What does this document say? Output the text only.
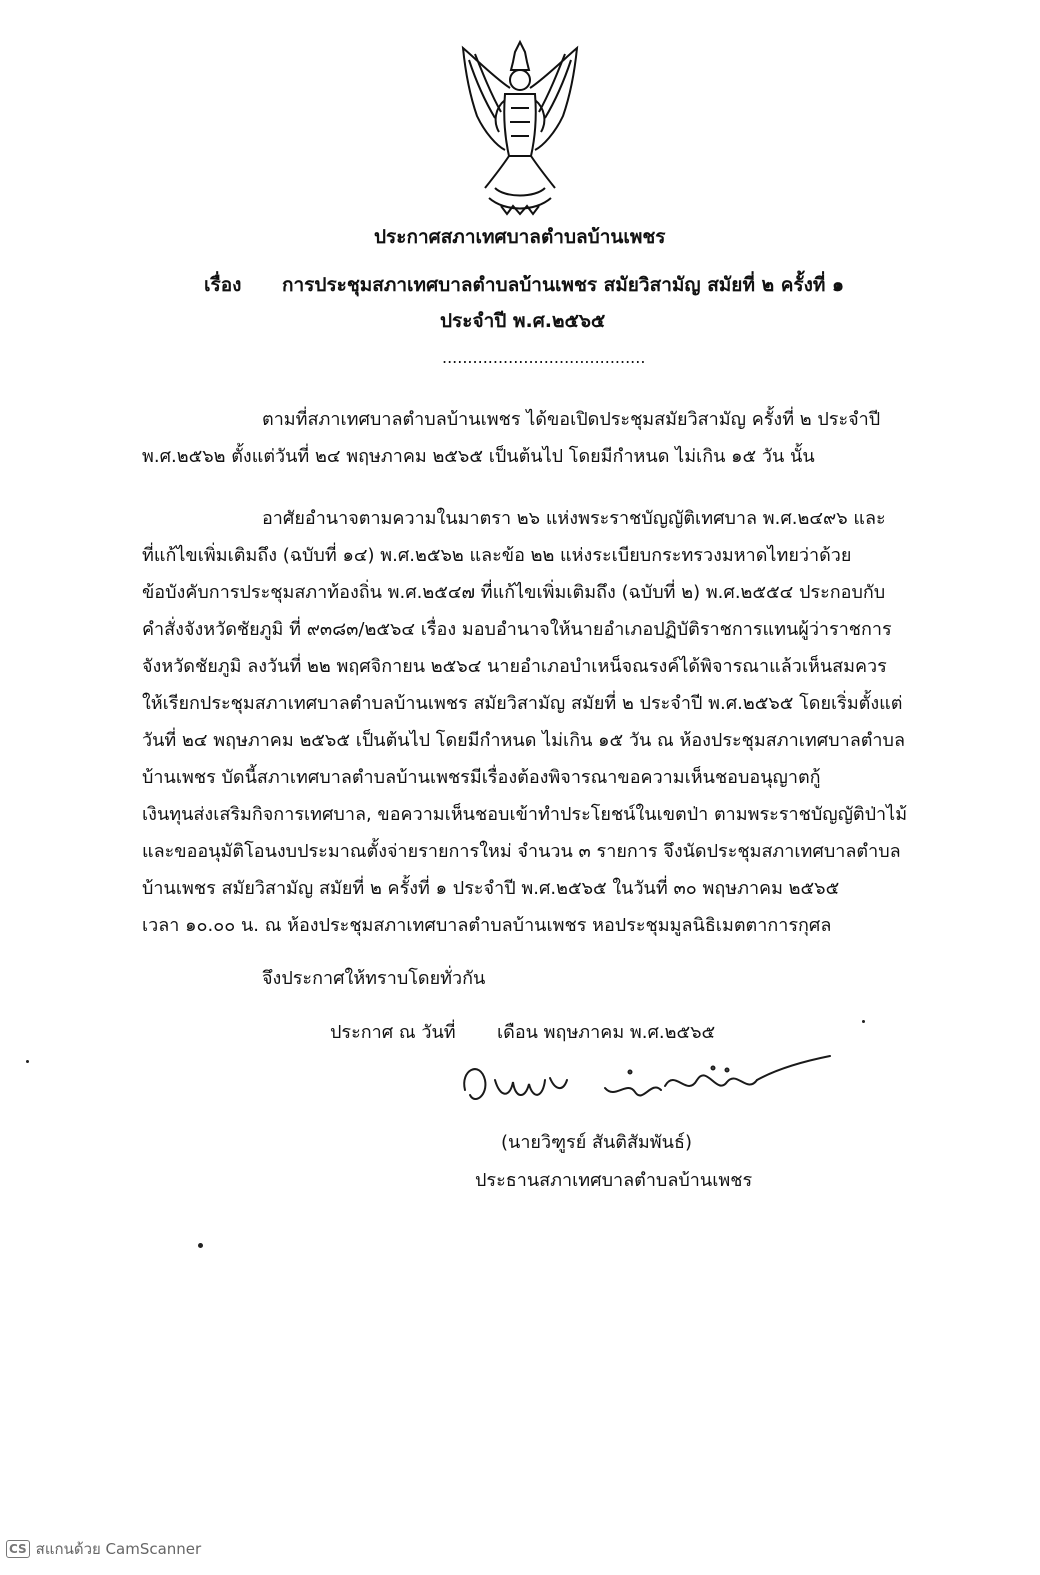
ประกาศสภาเทศบาลตำบลบ้านเพชร
เรื่อง การประชุมสภาเทศบาลตำบลบ้านเพชร สมัยวิสามัญ สมัยที่ ๒ ครั้งที่ ๑
ประจำปี พ.ศ.๒๕๖๕
........................................
ตามที่สภาเทศบาลตำบลบ้านเพชร ได้ขอเปิดประชุมสมัยวิสามัญ ครั้งที่ ๒ ประจำปี
พ.ศ.๒๕๖๒ ตั้งแต่วันที่ ๒๔ พฤษภาคม ๒๕๖๕ เป็นต้นไป โดยมีกำหนด ไม่เกิน ๑๕ วัน นั้น
อาศัยอำนาจตามความในมาตรา ๒๖ แห่งพระราชบัญญัติเทศบาล พ.ศ.๒๔๙๖ และ
ที่แก้ไขเพิ่มเติมถึง (ฉบับที่ ๑๔) พ.ศ.๒๕๖๒ และข้อ ๒๒ แห่งระเบียบกระทรวงมหาดไทยว่าด้วย
ข้อบังคับการประชุมสภาท้องถิ่น พ.ศ.๒๕๔๗ ที่แก้ไขเพิ่มเติมถึง (ฉบับที่ ๒) พ.ศ.๒๕๕๔ ประกอบกับ
คำสั่งจังหวัดชัยภูมิ ที่ ๙๓๘๓/๒๕๖๔ เรื่อง มอบอำนาจให้นายอำเภอปฏิบัติราชการแทนผู้ว่าราชการ
จังหวัดชัยภูมิ ลงวันที่ ๒๒ พฤศจิกายน ๒๕๖๔ นายอำเภอบำเหน็จณรงค์ได้พิจารณาแล้วเห็นสมควร
ให้เรียกประชุมสภาเทศบาลตำบลบ้านเพชร สมัยวิสามัญ สมัยที่ ๒ ประจำปี พ.ศ.๒๕๖๕ โดยเริ่มตั้งแต่
วันที่ ๒๔ พฤษภาคม ๒๕๖๕ เป็นต้นไป โดยมีกำหนด ไม่เกิน ๑๕ วัน ณ ห้องประชุมสภาเทศบาลตำบล
บ้านเพชร บัดนี้สภาเทศบาลตำบลบ้านเพชรมีเรื่องต้องพิจารณาขอความเห็นชอบอนุญาตกู้
เงินทุนส่งเสริมกิจการเทศบาล, ขอความเห็นชอบเข้าทำประโยชน์ในเขตป่า ตามพระราชบัญญัติป่าไม้
และขออนุมัติโอนงบประมาณตั้งจ่ายรายการใหม่ จำนวน ๓ รายการ จึงนัดประชุมสภาเทศบาลตำบล
บ้านเพชร สมัยวิสามัญ สมัยที่ ๒ ครั้งที่ ๑ ประจำปี พ.ศ.๒๕๖๕ ในวันที่ ๓๐ พฤษภาคม ๒๕๖๕
เวลา ๑๐.๐๐ น. ณ ห้องประชุมสภาเทศบาลตำบลบ้านเพชร หอประชุมมูลนิธิเมตตาการกุศล
จึงประกาศให้ทราบโดยทั่วกัน
ประกาศ ณ วันที่ เดือน พฤษภาคม พ.ศ.๒๕๖๕
(นายวิฑูรย์ สันติสัมพันธ์)
ประธานสภาเทศบาลตำบลบ้านเพชร
CS สแกนด้วย CamScanner
